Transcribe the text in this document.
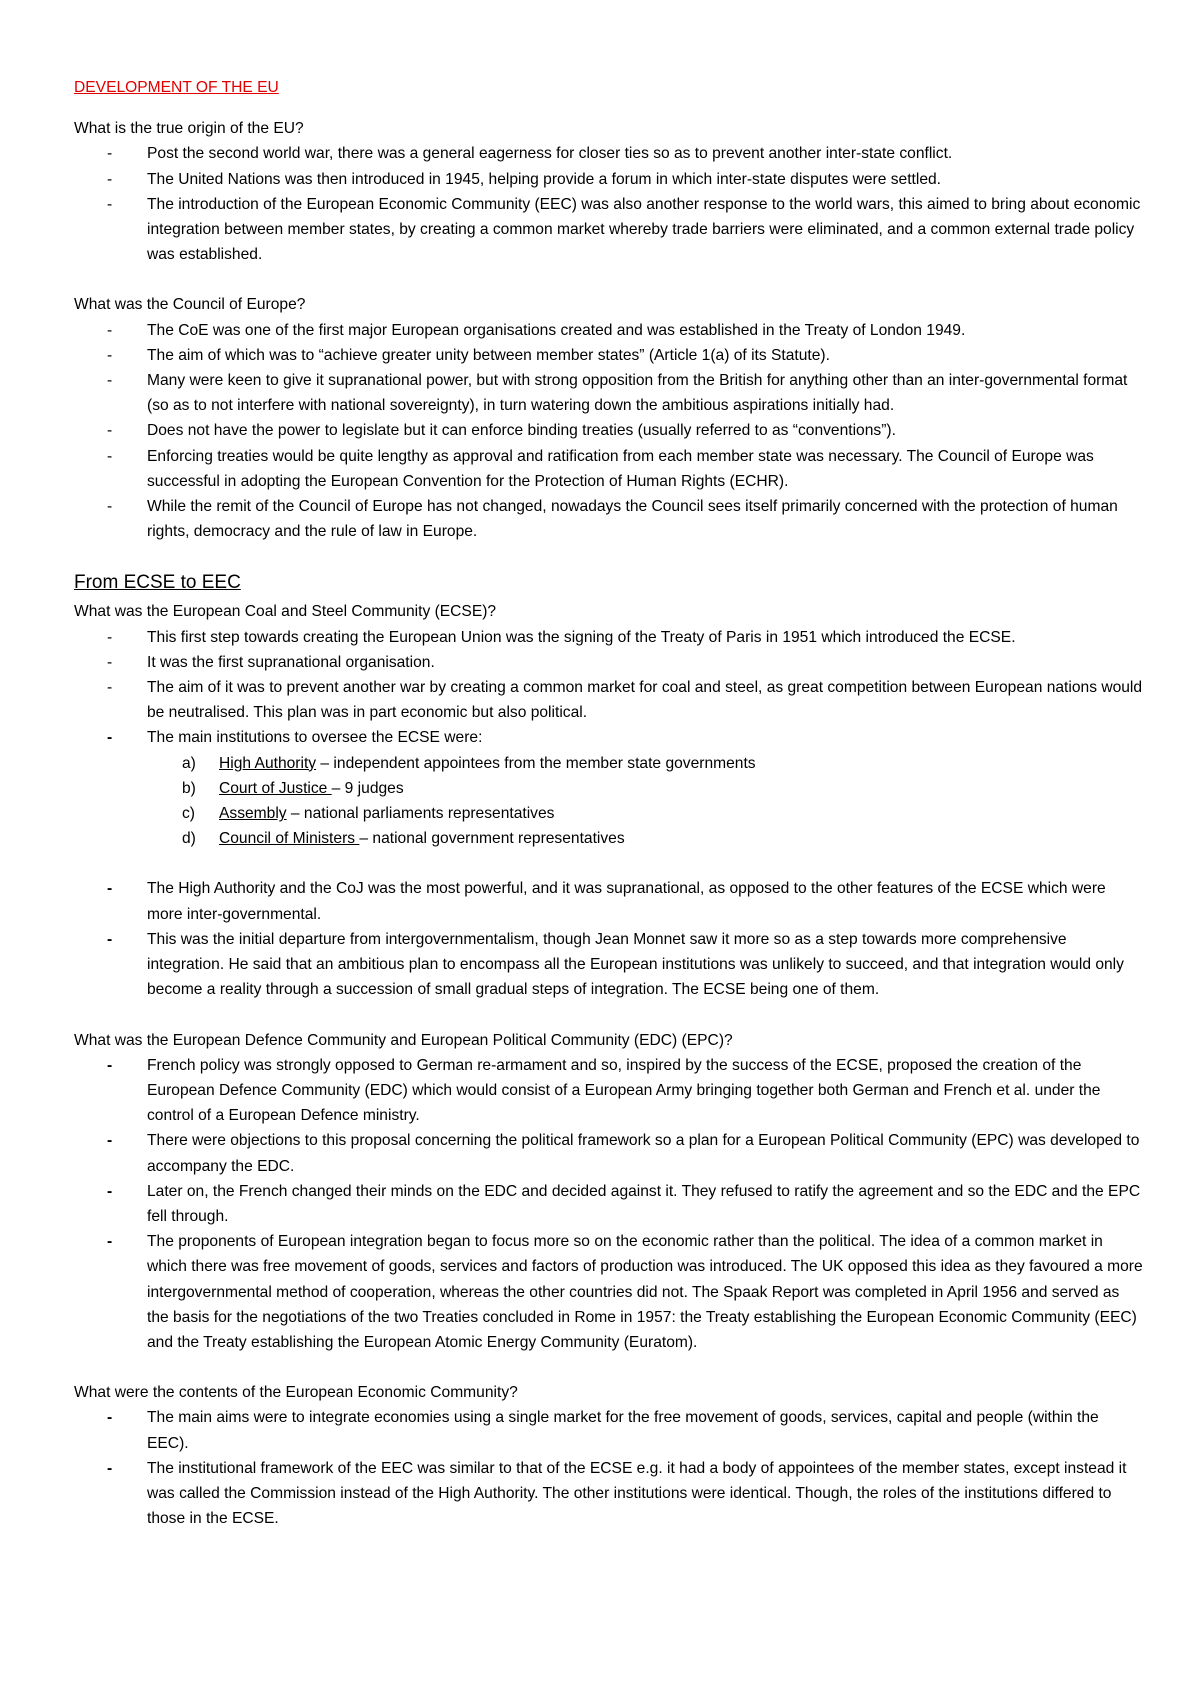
DEVELOPMENT OF THE EU
What is the true origin of the EU?
- Post the second world war, there was a general eagerness for closer ties so as to prevent another inter-state conflict.
- The United Nations was then introduced in 1945, helping provide a forum in which inter-state disputes were settled.
- The introduction of the European Economic Community (EEC) was also another response to the world wars, this aimed to bring about economic integration between member states, by creating a common market whereby trade barriers were eliminated, and a common external trade policy was established.
What was the Council of Europe?
- The CoE was one of the first major European organisations created and was established in the Treaty of London 1949.
- The aim of which was to “achieve greater unity between member states” (Article 1(a) of its Statute).
- Many were keen to give it supranational power, but with strong opposition from the British for anything other than an inter-governmental format (so as to not interfere with national sovereignty), in turn watering down the ambitious aspirations initially had.
- Does not have the power to legislate but it can enforce binding treaties (usually referred to as “conventions”).
- Enforcing treaties would be quite lengthy as approval and ratification from each member state was necessary. The Council of Europe was successful in adopting the European Convention for the Protection of Human Rights (ECHR).
- While the remit of the Council of Europe has not changed, nowadays the Council sees itself primarily concerned with the protection of human rights, democracy and the rule of law in Europe.
From ECSE to EEC
What was the European Coal and Steel Community (ECSE)?
- This first step towards creating the European Union was the signing of the Treaty of Paris in 1951 which introduced the ECSE.
- It was the first supranational organisation.
- The aim of it was to prevent another war by creating a common market for coal and steel, as great competition between European nations would be neutralised. This plan was in part economic but also political.
- The main institutions to oversee the ECSE were:
a) High Authority – independent appointees from the member state governments
b) Court of Justice – 9 judges
c) Assembly – national parliaments representatives
d) Council of Ministers – national government representatives
- The High Authority and the CoJ was the most powerful, and it was supranational, as opposed to the other features of the ECSE which were more inter-governmental.
- This was the initial departure from intergovernmentalism, though Jean Monnet saw it more so as a step towards more comprehensive integration. He said that an ambitious plan to encompass all the European institutions was unlikely to succeed, and that integration would only become a reality through a succession of small gradual steps of integration. The ECSE being one of them.
What was the European Defence Community and European Political Community (EDC) (EPC)?
- French policy was strongly opposed to German re-armament and so, inspired by the success of the ECSE, proposed the creation of the European Defence Community (EDC) which would consist of a European Army bringing together both German and French et al. under the control of a European Defence ministry.
- There were objections to this proposal concerning the political framework so a plan for a European Political Community (EPC) was developed to accompany the EDC.
- Later on, the French changed their minds on the EDC and decided against it. They refused to ratify the agreement and so the EDC and the EPC fell through.
- The proponents of European integration began to focus more so on the economic rather than the political. The idea of a common market in which there was free movement of goods, services and factors of production was introduced. The UK opposed this idea as they favoured a more intergovernmental method of cooperation, whereas the other countries did not. The Spaak Report was completed in April 1956 and served as the basis for the negotiations of the two Treaties concluded in Rome in 1957: the Treaty establishing the European Economic Community (EEC) and the Treaty establishing the European Atomic Energy Community (Euratom).
What were the contents of the European Economic Community?
- The main aims were to integrate economies using a single market for the free movement of goods, services, capital and people (within the EEC).
- The institutional framework of the EEC was similar to that of the ECSE e.g. it had a body of appointees of the member states, except instead it was called the Commission instead of the High Authority. The other institutions were identical. Though, the roles of the institutions differed to those in the ECSE.
